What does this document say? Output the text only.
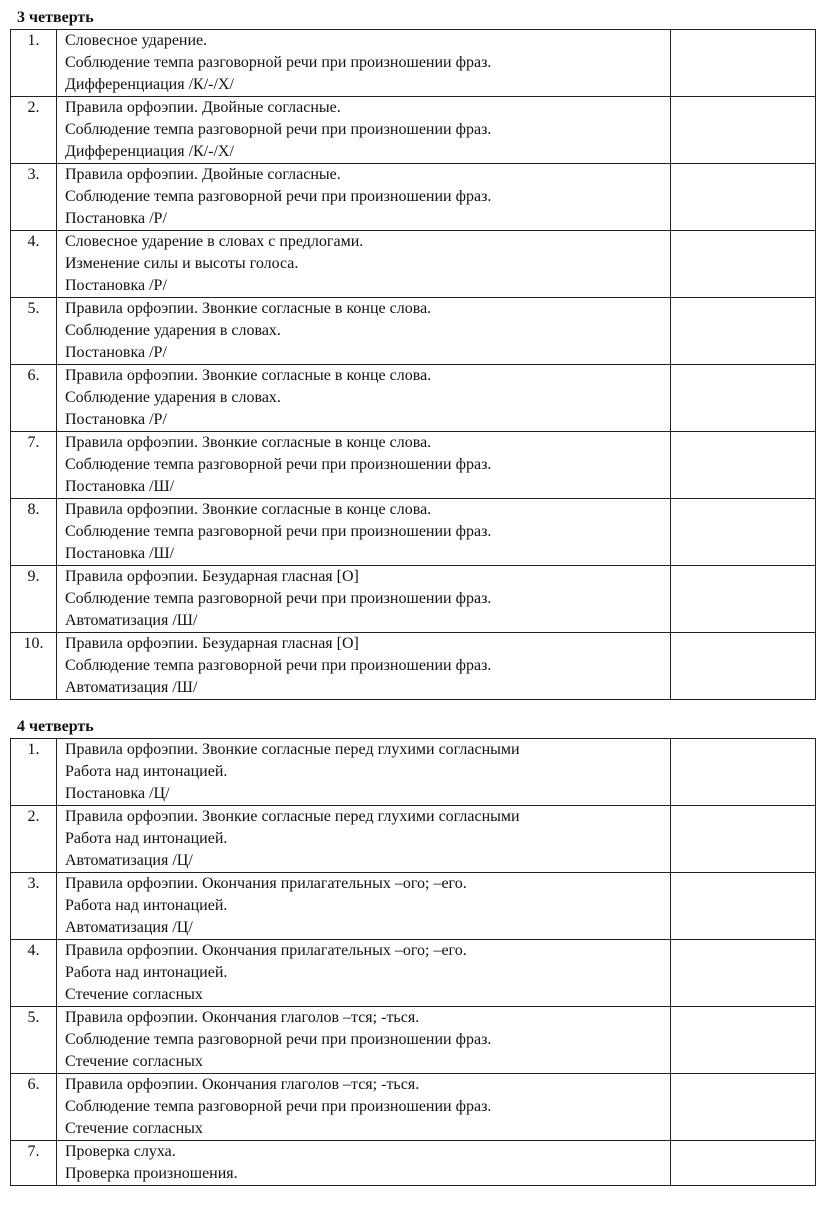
3 четверть
1.	Словесное ударение.
Соблюдение темпа разговорной речи при произношении фраз.
Дифференциация /К/-/Х/	

2.	Правила орфоэпии. Двойные согласные.
Соблюдение темпа разговорной речи при произношении фраз.
Дифференциация /К/-/Х/	

3.	Правила орфоэпии. Двойные согласные.
Соблюдение темпа разговорной речи при произношении фраз.
Постановка /Р/	

4.	Словесное ударение в словах с предлогами.
Изменение силы и высоты голоса.
Постановка /Р/	

5.	Правила орфоэпии. Звонкие согласные в конце слова.
Соблюдение ударения в словах.
Постановка /Р/	

6.	Правила орфоэпии. Звонкие согласные в конце слова.
Соблюдение ударения в словах.
Постановка /Р/	

7.	Правила орфоэпии. Звонкие согласные в конце слова.
Соблюдение темпа разговорной речи при произношении фраз.
Постановка /Ш/	

8.	Правила орфоэпии. Звонкие согласные в конце слова.
Соблюдение темпа разговорной речи при произношении фраз.
Постановка /Ш/	

9.	Правила орфоэпии. Безударная гласная [О]
Соблюдение темпа разговорной речи при произношении фраз.
Автоматизация /Ш/	

10.	Правила орфоэпии. Безударная гласная [О]
Соблюдение темпа разговорной речи при произношении фраз.
Автоматизация /Ш/	

4 четверть
1.	Правила орфоэпии. Звонкие согласные перед глухими согласными
Работа над интонацией.
Постановка /Ц/	

2.	Правила орфоэпии. Звонкие согласные перед глухими согласными
Работа над интонацией.
Автоматизация /Ц/	

3.	Правила орфоэпии. Окончания прилагательных –ого; –его.
Работа над интонацией.
Автоматизация /Ц/	

4.	Правила орфоэпии. Окончания прилагательных –ого; –его.
Работа над интонацией.
Стечение согласных	

5.	Правила орфоэпии. Окончания глаголов –тся; -ться.
Соблюдение темпа разговорной речи при произношении фраз.
Стечение согласных	

6.	Правила орфоэпии. Окончания глаголов –тся; -ться.
Соблюдение темпа разговорной речи при произношении фраз.
Стечение согласных	

7.	Проверка слуха.
Проверка произношения.	
